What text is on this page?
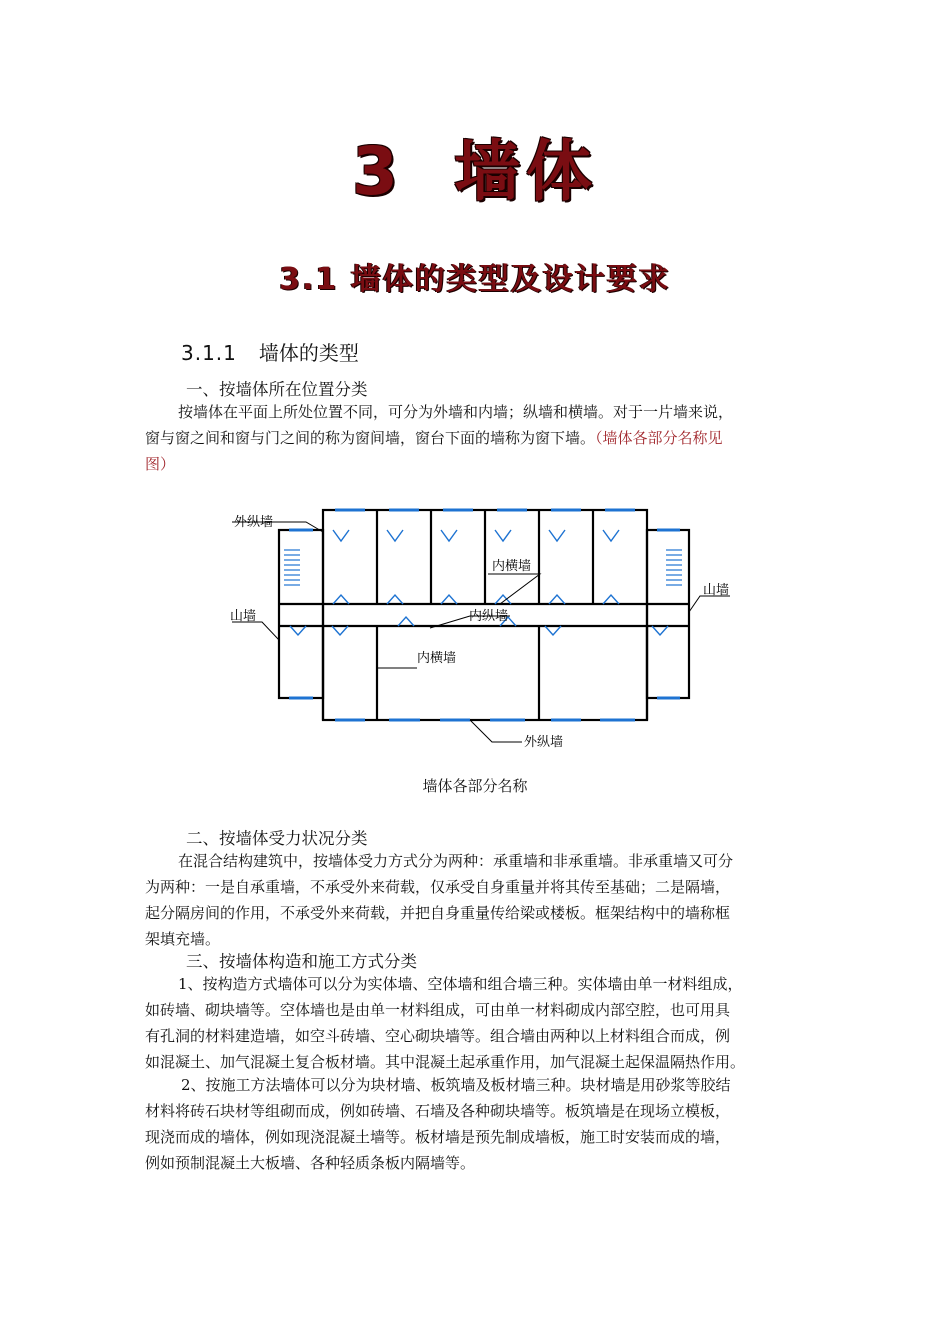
3 墙体
3.1 墙体的类型及设计要求
3.1.1 墙体的类型
一、按墙体所在位置分类

按墙体在平面上所处位置不同，可分为外墙和内墙；纵墙和横墙。对于一片墙来说，
窗与窗之间和窗与门之间的称为窗间墙，窗台下面的墙称为窗下墙。（墙体各部分名称见
图）

外纵墙
山墙
山墙
内横墙
内纵墙
内横墙
外纵墙
墙体各部分名称
二、按墙体受力状况分类

在混合结构建筑中，按墙体受力方式分为两种：承重墙和非承重墙。非承重墙又可分
为两种：一是自承重墙，不承受外来荷载，仅承受自身重量并将其传至基础；二是隔墙，
起分隔房间的作用，不承受外来荷载，并把自身重量传给梁或楼板。框架结构中的墙称框
架填充墙。

三、按墙体构造和施工方式分类

1、按构造方式墙体可以分为实体墙、空体墙和组合墙三种。实体墙由单一材料组成，
如砖墙、砌块墙等。空体墙也是由单一材料组成，可由单一材料砌成内部空腔，也可用具
有孔洞的材料建造墙，如空斗砖墙、空心砌块墙等。组合墙由两种以上材料组合而成，例
如混凝土、加气混凝土复合板材墙。其中混凝土起承重作用，加气混凝土起保温隔热作用。

2、按施工方法墙体可以分为块材墙、板筑墙及板材墙三种。块材墙是用砂浆等胶结
材料将砖石块材等组砌而成，例如砖墙、石墙及各种砌块墙等。板筑墙是在现场立模板，
现浇而成的墙体，例如现浇混凝土墙等。板材墙是预先制成墙板，施工时安装而成的墙，
例如预制混凝土大板墙、各种轻质条板内隔墙等。
